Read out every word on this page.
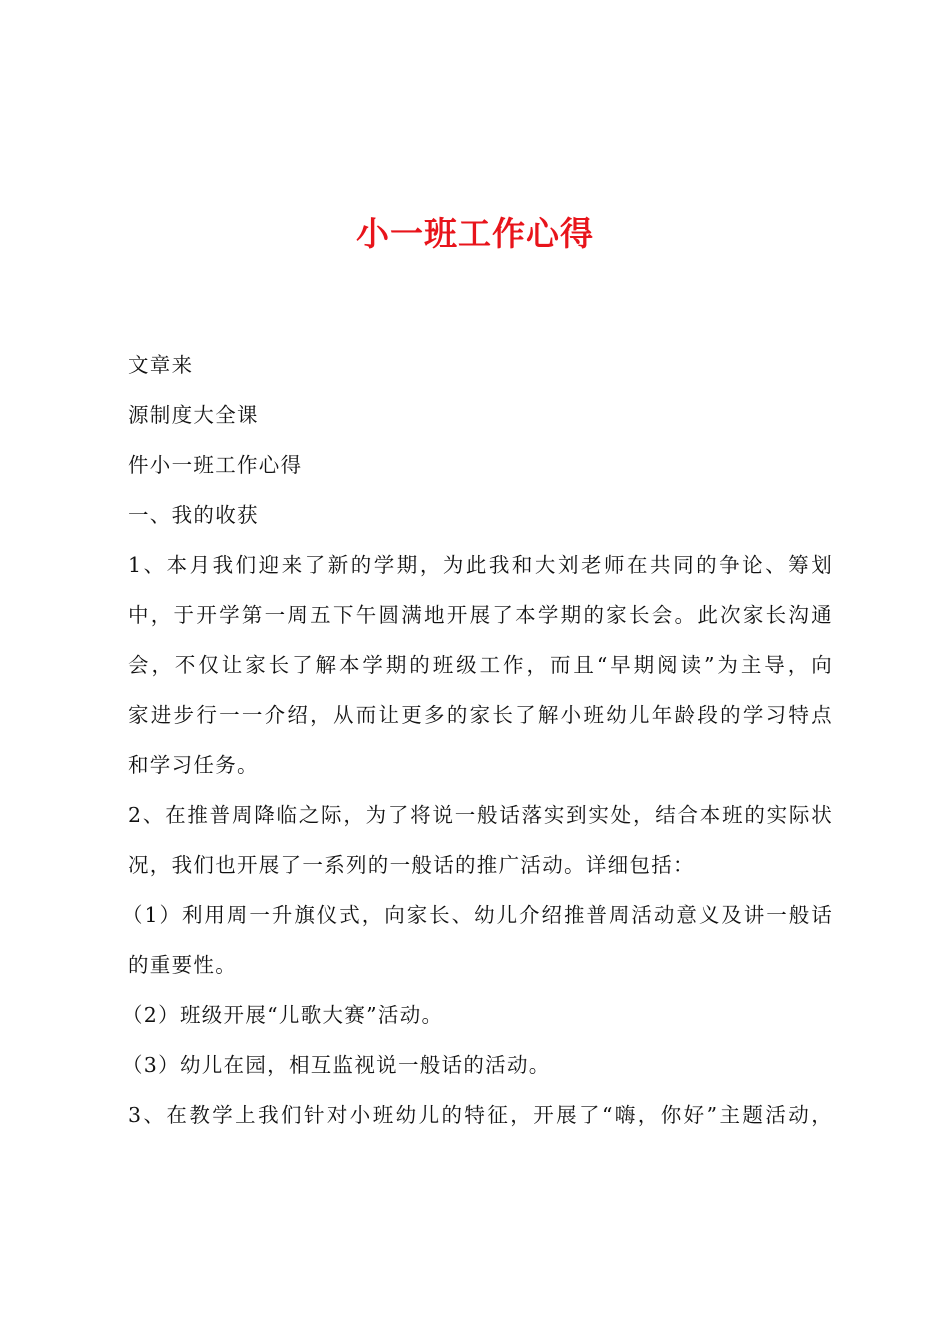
小一班工作心得
文章来
源制度大全课
件小一班工作心得
一、我的收获
1、本月我们迎来了新的学期，为此我和大刘老师在共同的争论、筹划
中，于开学第一周五下午圆满地开展了本学期的家长会。此次家长沟通
会，不仅让家长了解本学期的班级工作，而且“早期阅读”为主导，向
家进步行一一介绍，从而让更多的家长了解小班幼儿年龄段的学习特点
和学习任务。
2、在推普周降临之际，为了将说一般话落实到实处，结合本班的实际状
况，我们也开展了一系列的一般话的推广活动。详细包括：
（1）利用周一升旗仪式，向家长、幼儿介绍推普周活动意义及讲一般话
的重要性。
（2）班级开展“儿歌大赛”活动。
（3）幼儿在园，相互监视说一般话的活动。
3、在教学上我们针对小班幼儿的特征，开展了“嗨，你好”主题活动，
